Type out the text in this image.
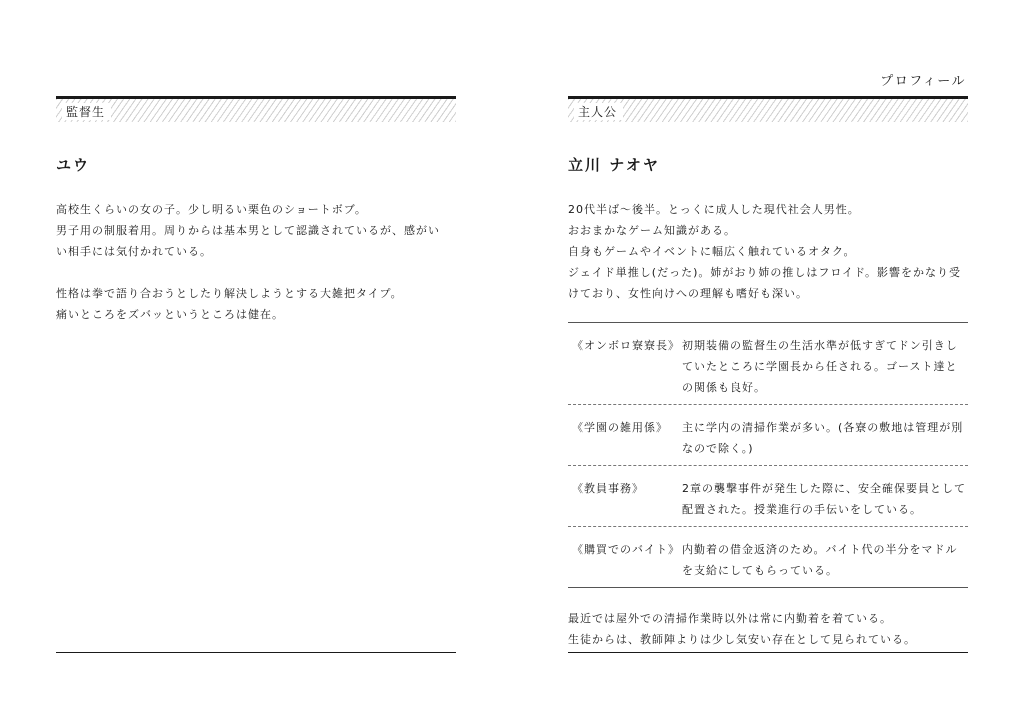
プロフィール
監督生
ユウ

高校生くらいの女の子。少し明るい栗色のショートボブ。

男子用の制服着用。周りからは基本男として認識されているが、感がい

い相手には気付かれている。

性格は拳で語り合おうとしたり解決しようとする大雑把タイプ。

痛いところをズバッというところは健在。

主人公
立川 ナオヤ

20代半ば～後半。とっくに成人した現代社会人男性。

おおまかなゲーム知識がある。

自身もゲームやイベントに幅広く触れているオタク。

ジェイド単推し(だった)。姉がおり姉の推しはフロイド。影響をかなり受

けており、女性向けへの理解も嗜好も深い。

《オンボロ寮寮長》 初期装備の監督生の生活水準が低すぎてドン引きしていたところに学園長から任される。ゴースト達との関係も良好。
《学園の雑用係》	主に学内の清掃作業が多い。(各寮の敷地は管理が別なので除く。)
《教員事務》	2章の襲撃事件が発生した際に、安全確保要員として配置された。授業進行の手伝いをしている。
《購買でのバイト》 内勤着の借金返済のため。バイト代の半分をマドルを支給にしてもらっている。

最近では屋外での清掃作業時以外は常に内勤着を着ている。

生徒からは、教師陣よりは少し気安い存在として見られている。
